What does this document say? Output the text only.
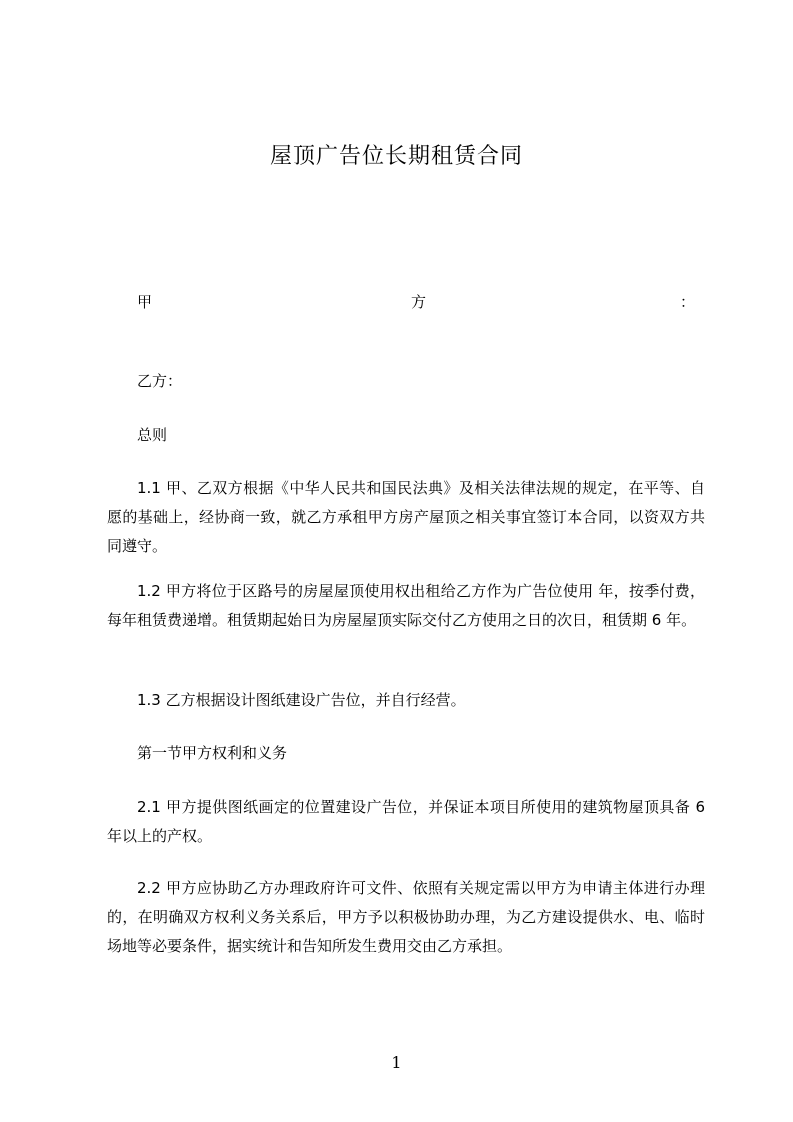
屋顶广告位长期租赁合同
甲	方	：

乙方：

总则

1.1 甲、乙双方根据《中华人民共和国民法典》及相关法律法规的规定，在平等、自愿的基础上，经协商一致，就乙方承租甲方房产屋顶之相关事宜签订本合同，以资双方共同遵守。

1.2 甲方将位于区路号的房屋屋顶使用权出租给乙方作为广告位使用 年，按季付费，每年租赁费递增。租赁期起始日为房屋屋顶实际交付乙方使用之日的次日，租赁期 6 年。

1.3 乙方根据设计图纸建设广告位，并自行经营。

第一节甲方权利和义务

2.1 甲方提供图纸画定的位置建设广告位，并保证本项目所使用的建筑物屋顶具备 6 年以上的产权。

2.2 甲方应协助乙方办理政府许可文件、依照有关规定需以甲方为申请主体进行办理的，在明确双方权利义务关系后，甲方予以积极协助办理，为乙方建设提供水、电、临时场地等必要条件，据实统计和告知所发生费用交由乙方承担。

1
